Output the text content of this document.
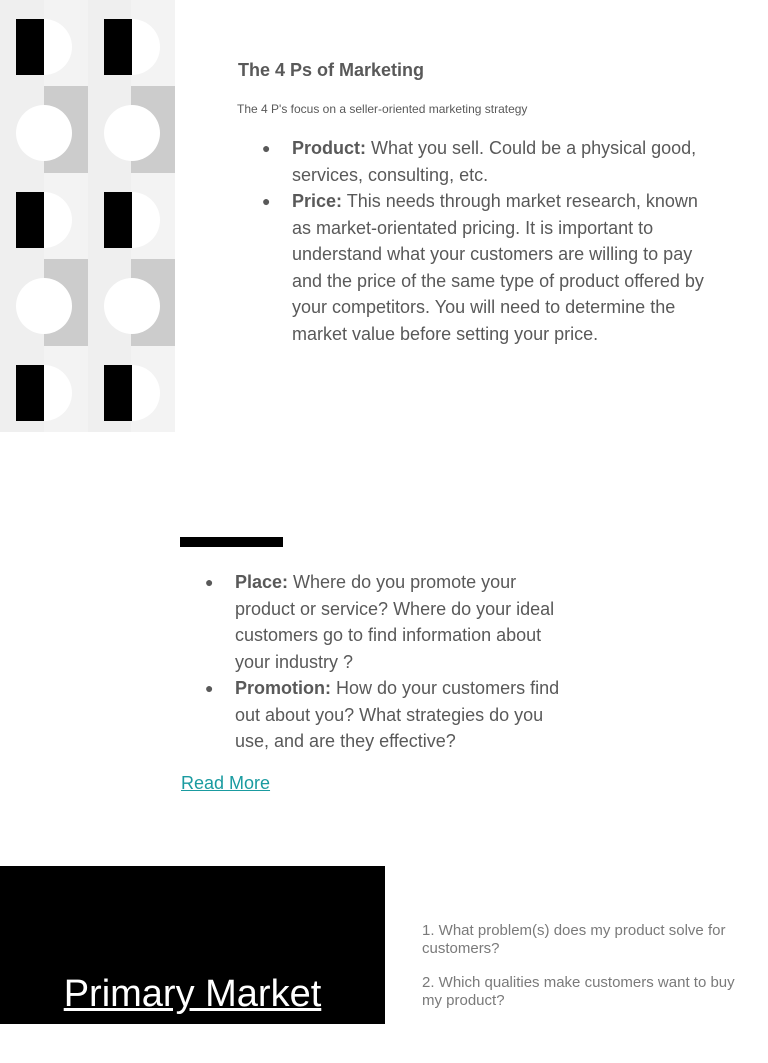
The 4 Ps of Marketing
The 4 P's focus on a seller-oriented marketing strategy
● Product: What you sell. Could be a physical good, services, consulting, etc.
● Price: This needs through market research, known as market-orientated pricing. It is important to understand what your customers are willing to pay and the price of the same type of product offered by your competitors. You will need to determine the market value before setting your price.
● Place: Where do you promote your product or service? Where do your ideal customers go to find information about your industry ?
● Promotion: How do your customers find out about you? What strategies do you use, and are they effective?
Read More
Primary Market
Research

1. What problem(s) does my product solve for customers?

2. Which qualities make customers want to buy my product?
